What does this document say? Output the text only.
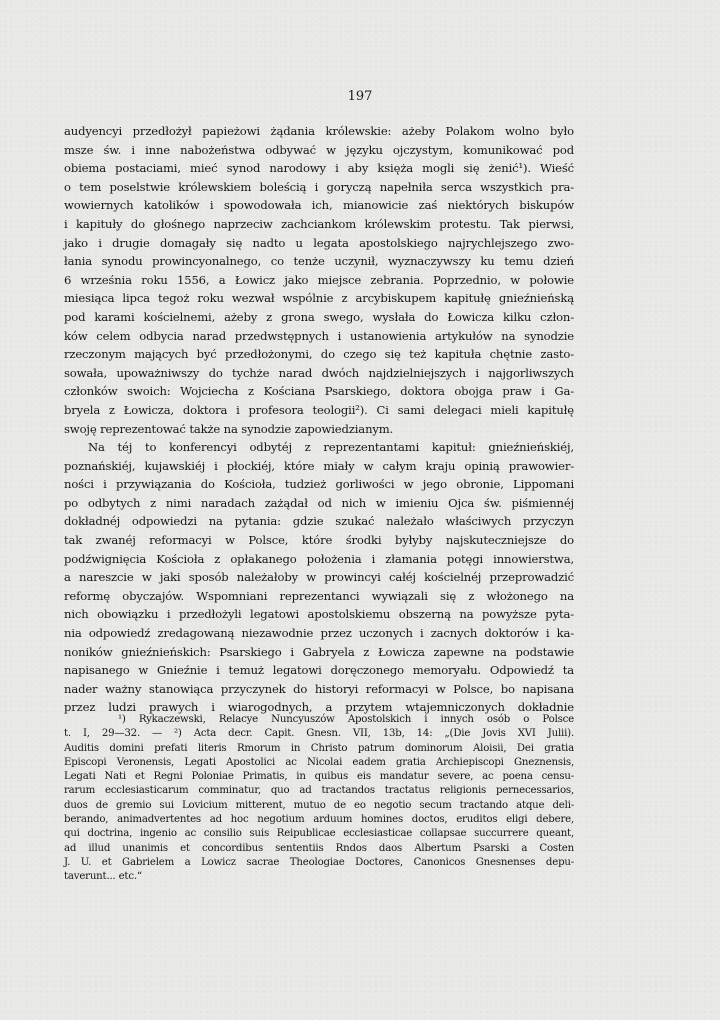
197
audyencyi przedłożył papieżowi żądania królewskie: ażeby Polakom wolno było
msze św. i inne nabożeństwa odbywać w języku ojczystym, komunikować pod
obiema postaciami, mieć synod narodowy i aby księża mogli się żenić¹). Wieść
o tem poselstwie królewskiem boleścią i goryczą napełniła serca wszystkich pra-
wowiernych katolików i spowodowała ich, mianowicie zaś niektórych biskupów
i kapituły do głośnego naprzeciw zachciankom królewskim protestu. Tak pierwsi,
jako i drugie domagały się nadto u legata apostolskiego najrychlejszego zwo-
łania synodu prowincyonalnego, co tenże uczynił, wyznaczywszy ku temu dzień
6 września roku 1556, a Łowicz jako miejsce zebrania. Poprzednio, w połowie
miesiąca lipca tegoż roku wezwał wspólnie z arcybiskupem kapitułę gnieźnieńską
pod karami kościelnemi, ażeby z grona swego, wysłała do Łowicza kilku człon-
ków celem odbycia narad przedwstępnych i ustanowienia artykułów na synodzie
rzeczonym mających być przedłożonymi, do czego się też kapituła chętnie zasto-
sowała, upoważniwszy do tychże narad dwóch najdzielniejszych i najgorliwszych
członków swoich: Wojciecha z Kościana Psarskiego, doktora obojga praw i Ga-
bryela z Łowicza, doktora i profesora teologii²). Ci sami delegaci mieli kapitułę
swoję reprezentować także na synodzie zapowiedzianym.
Na téj to konferencyi odbytéj z reprezentantami kapituł: gnieźnieńskiéj,
poznańskiéj, kujawskiéj i płockiéj, które miały w całym kraju opinią prawowier-
ności i przywiązania do Kościoła, tudzież gorliwości w jego obronie, Lippomani
po odbytych z nimi naradach zażądał od nich w imieniu Ojca św. piśmiennéj
dokładnéj odpowiedzi na pytania: gdzie szukać należało właściwych przyczyn
tak zwanéj reformacyi w Polsce, które środki byłyby najskuteczniejsze do
podźwignięcia Kościoła z opłakanego położenia i złamania potęgi innowierstwa,
a nareszcie w jaki sposób należałoby w prowincyi całéj kościelnéj przeprowadzić
reformę obyczajów. Wspomniani reprezentanci wywiązali się z włożonego na
nich obowiązku i przedłożyli legatowi apostolskiemu obszerną na powyższe pyta-
nia odpowiedź zredagowaną niezawodnie przez uczonych i zacnych doktorów i ka-
noników gnieźnieńskich: Psarskiego i Gabryela z Łowicza zapewne na podstawie
napisanego w Gnieźnie i temuż legatowi doręczonego memoryału. Odpowiedź ta
nader ważny stanowiąca przyczynek do historyi reformacyi w Polsce, bo napisana
przez ludzi prawych i wiarogodnych, a przytem wtajemniczonych dokładnie
¹) Rykaczewski, Relacye Nuncyuszów Apostolskich i innych osób o Polsce
t. I, 29—32. — ²) Acta decr. Capit. Gnesn. VII, 13b, 14: „(Die Jovis XVI Julii).
Auditis domini prefati literis Rmorum in Christo patrum dominorum Aloisii, Dei gratia
Episcopi Veronensis, Legati Apostolici ac Nicolai eadem gratia Archiepiscopi Gneznensis,
Legati Nati et Regni Poloniae Primatis, in quibus eis mandatur severe, ac poena censu-
rarum ecclesiasticarum comminatur, quo ad tractandos tractatus religionis pernecessarios,
duos de gremio sui Lovicium mitterent, mutuo de eo negotio secum tractando atque deli-
berando, animadvertentes ad hoc negotium arduum homines doctos, eruditos eligi debere,
qui doctrina, ingenio ac consilio suis Reipublicae ecclesiasticae collapsae succurrere queant,
ad illud unanimis et concordibus sententiis Rndos daos Albertum Psarski a Costen
J. U. et Gabrielem a Lowicz sacrae Theologiae Doctores, Canonicos Gnesnenses depu-
taverunt... etc.“
